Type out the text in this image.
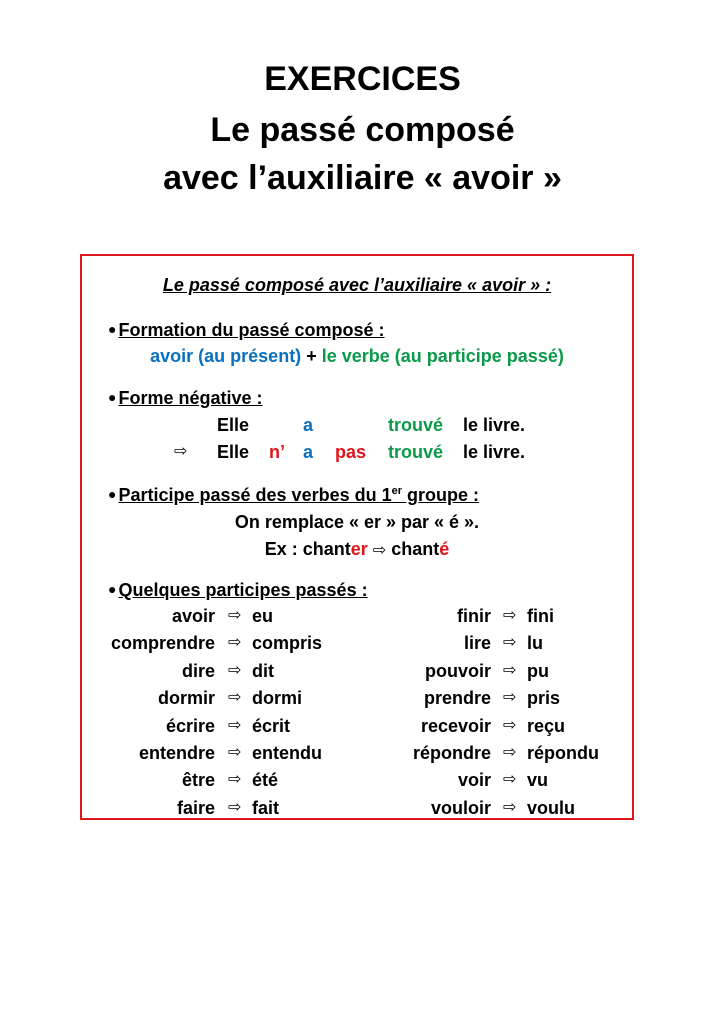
EXERCICES
Le passé composé
avec l’auxiliaire « avoir »
Le passé composé avec l’auxiliaire « avoir » :
● Formation du passé composé :
avoir (au présent) + le verbe (au participe passé)
● Forme négative :
Elle	a	trouvé le livre.
⇨ Elle n’ a pas trouvé le livre.
● Participe passé des verbes du 1er groupe :
On remplace « er » par « é ».
Ex : chanter ⇨ chanté
● Quelques participes passés :
avoir ⇨ eu
comprendre ⇨ compris
dire ⇨ dit
dormir ⇨ dormi
écrire ⇨ écrit
entendre ⇨ entendu
être ⇨ été
faire ⇨ fait
finir ⇨ fini
lire ⇨ lu
pouvoir ⇨ pu
prendre ⇨ pris
recevoir ⇨ reçu
répondre ⇨ répondu
voir ⇨ vu
vouloir ⇨ voulu
